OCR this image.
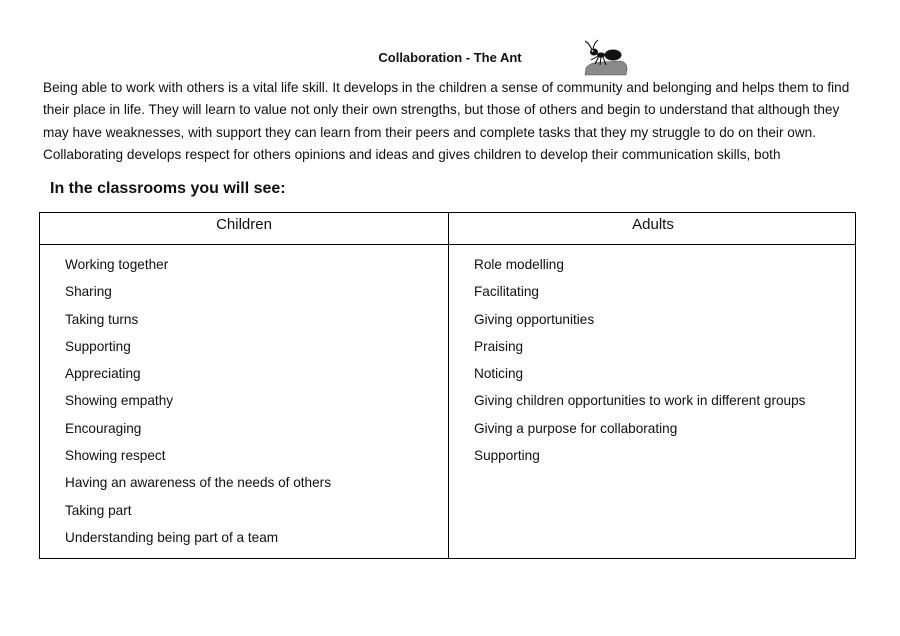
Collaboration - The Ant

Being able to work with others is a vital life skill. It develops in the children a sense of community and belonging and helps them to find their place in life. They will learn to value not only their own strengths, but those of others and begin to understand that although they may have weaknesses, with support they can learn from their peers and complete tasks that they my struggle to do on their own. Collaborating develops respect for others opinions and ideas and gives children to develop their communication skills, both

In the classrooms you will see:
Children	Adults
Working together
Sharing
Taking turns
Supporting
Appreciating
Showing empathy
Encouraging
Showing respect
Having an awareness of the needs of others
Taking part
Understanding being part of a team
Role modelling
Facilitating
Giving opportunities
Praising
Noticing
Giving children opportunities to work in different groups
Giving a purpose for collaborating
Supporting
